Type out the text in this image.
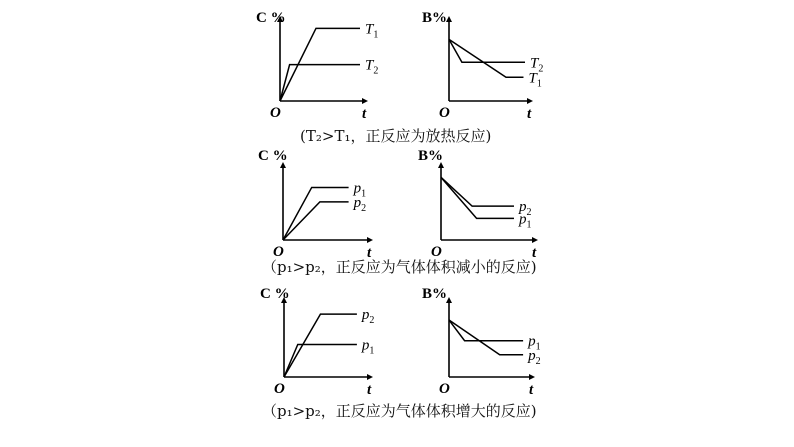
C %
t
O
$T_1$
$T_2$
B%
t
O
$T_2$
$T_1$
C %
t
O
$p_1$
$p_2$
B%
t
O
$p_2$
$p_1$
C %
t
O
$p_2$
$p_1$
B%
t
O
$p_1$
$p_2$
(T₂>T₁，正反应为放热反应)
（p₁>p₂，正反应为气体体积减小的反应)
（p₁>p₂，正反应为气体体积增大的反应)
